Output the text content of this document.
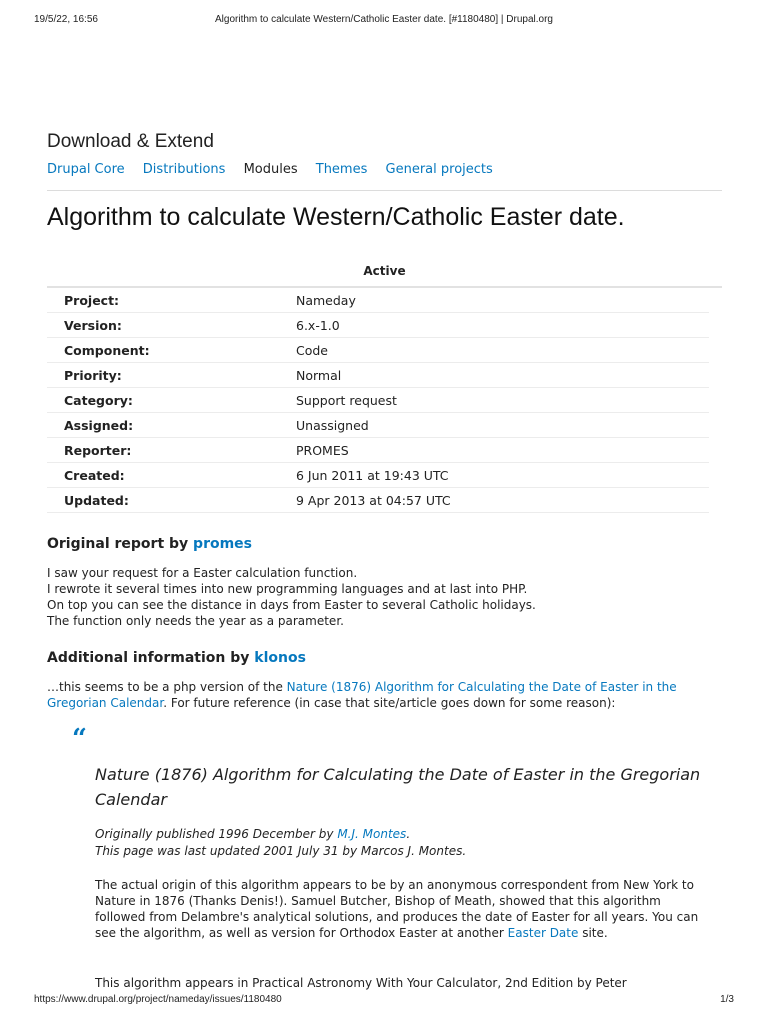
19/5/22, 16:56	Algorithm to calculate Western/Catholic Easter date. [#1180480] | Drupal.org
Download & Extend
Drupal Core Distributions Modules Themes General projects
Algorithm to calculate Western/Catholic Easter date.
Active
Project:	Nameday
Version:	6.x-1.0
Component:	Code
Priority:	Normal
Category:	Support request
Assigned:	Unassigned
Reporter:	PROMES
Created:	6 Jun 2011 at 19:43 UTC
Updated:	9 Apr 2013 at 04:57 UTC
Original report by promes
I saw your request for a Easter calculation function.
I rewrote it several times into new programming languages and at last into PHP.
On top you can see the distance in days from Easter to several Catholic holidays.
The function only needs the year as a parameter.
Additional information by klonos
…this seems to be a php version of the Nature (1876) Algorithm for Calculating the Date of Easter in the Gregorian Calendar. For future reference (in case that site/article goes down for some reason):
“
Nature (1876) Algorithm for Calculating the Date of Easter in the Gregorian Calendar
Originally published 1996 December by M.J. Montes.
This page was last updated 2001 July 31 by Marcos J. Montes.
The actual origin of this algorithm appears to be by an anonymous correspondent from New York to Nature in 1876 (Thanks Denis!). Samuel Butcher, Bishop of Meath, showed that this algorithm followed from Delambre's analytical solutions, and produces the date of Easter for all years. You can see the algorithm, as well as version for Orthodox Easter at another Easter Date site.
This algorithm appears in Practical Astronomy With Your Calculator, 2nd Edition by Peter
https://www.drupal.org/project/nameday/issues/1180480	1/3
